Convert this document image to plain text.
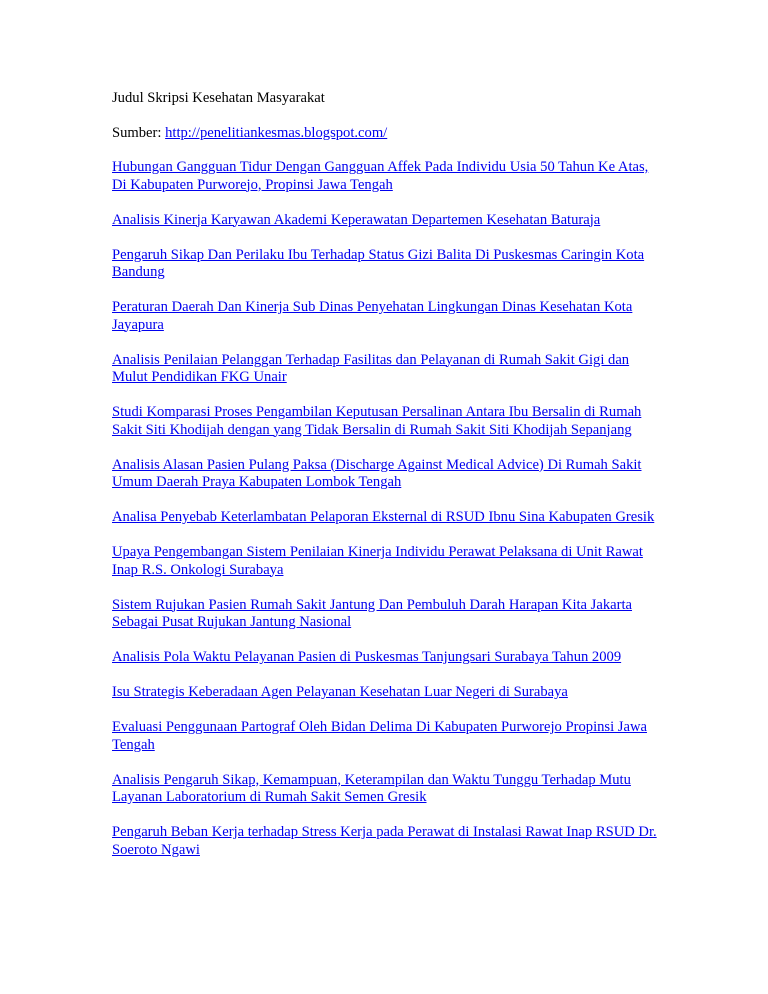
Judul Skripsi Kesehatan Masyarakat

Sumber: http://penelitiankesmas.blogspot.com/

Hubungan Gangguan Tidur Dengan Gangguan Affek Pada Individu Usia 50 Tahun Ke Atas, Di Kabupaten Purworejo, Propinsi Jawa Tengah

Analisis Kinerja Karyawan Akademi Keperawatan Departemen Kesehatan Baturaja

Pengaruh Sikap Dan Perilaku Ibu Terhadap Status Gizi Balita Di Puskesmas Caringin Kota Bandung

Peraturan Daerah Dan Kinerja Sub Dinas Penyehatan Lingkungan Dinas Kesehatan Kota Jayapura

Analisis Penilaian Pelanggan Terhadap Fasilitas dan Pelayanan di Rumah Sakit Gigi dan Mulut Pendidikan FKG Unair

Studi Komparasi Proses Pengambilan Keputusan Persalinan Antara Ibu Bersalin di Rumah Sakit Siti Khodijah dengan yang Tidak Bersalin di Rumah Sakit Siti Khodijah Sepanjang

Analisis Alasan Pasien Pulang Paksa (Discharge Against Medical Advice) Di Rumah Sakit Umum Daerah Praya Kabupaten Lombok Tengah

Analisa Penyebab Keterlambatan Pelaporan Eksternal di RSUD Ibnu Sina Kabupaten Gresik

Upaya Pengembangan Sistem Penilaian Kinerja Individu Perawat Pelaksana di Unit Rawat Inap R.S. Onkologi Surabaya

Sistem Rujukan Pasien Rumah Sakit Jantung Dan Pembuluh Darah Harapan Kita Jakarta Sebagai Pusat Rujukan Jantung Nasional

Analisis Pola Waktu Pelayanan Pasien di Puskesmas Tanjungsari Surabaya Tahun 2009

Isu Strategis Keberadaan Agen Pelayanan Kesehatan Luar Negeri di Surabaya

Evaluasi Penggunaan Partograf Oleh Bidan Delima Di Kabupaten Purworejo Propinsi Jawa Tengah

Analisis Pengaruh Sikap, Kemampuan, Keterampilan dan Waktu Tunggu Terhadap Mutu Layanan Laboratorium di Rumah Sakit Semen Gresik

Pengaruh Beban Kerja terhadap Stress Kerja pada Perawat di Instalasi Rawat Inap RSUD Dr. Soeroto Ngawi
